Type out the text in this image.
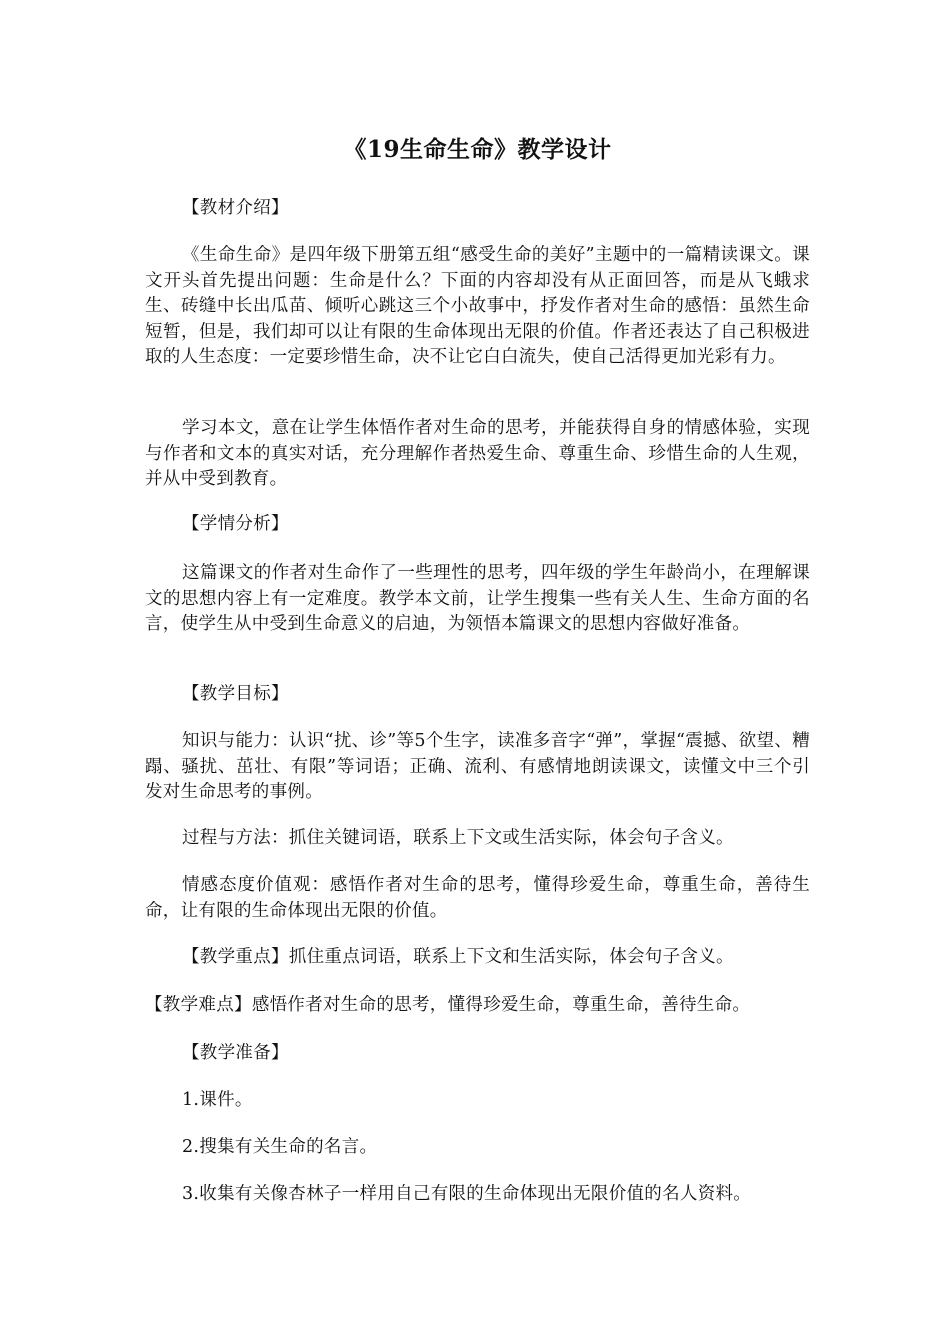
《19生命生命》教学设计

【教材介绍】

《生命生命》是四年级下册第五组“感受生命的美好”主题中的一篇精读课文。课文开头首先提出问题：生命是什么？下面的内容却没有从正面回答，而是从飞蛾求生、砖缝中长出瓜苗、倾听心跳这三个小故事中，抒发作者对生命的感悟：虽然生命短暂，但是，我们却可以让有限的生命体现出无限的价值。作者还表达了自己积极进取的人生态度：一定要珍惜生命，决不让它白白流失，使自己活得更加光彩有力。

学习本文，意在让学生体悟作者对生命的思考，并能获得自身的情感体验，实现与作者和文本的真实对话，充分理解作者热爱生命、尊重生命、珍惜生命的人生观，并从中受到教育。

【学情分析】

这篇课文的作者对生命作了一些理性的思考，四年级的学生年龄尚小，在理解课文的思想内容上有一定难度。教学本文前，让学生搜集一些有关人生、生命方面的名言，使学生从中受到生命意义的启迪，为领悟本篇课文的思想内容做好准备。

【教学目标】

知识与能力：认识“扰、诊”等5个生字，读准多音字“弹”，掌握“震撼、欲望、糟蹋、骚扰、茁壮、有限”等词语；正确、流利、有感情地朗读课文，读懂文中三个引发对生命思考的事例。

过程与方法：抓住关键词语，联系上下文或生活实际，体会句子含义。

情感态度价值观：感悟作者对生命的思考，懂得珍爱生命，尊重生命，善待生命，让有限的生命体现出无限的价值。

【教学重点】抓住重点词语，联系上下文和生活实际，体会句子含义。

【教学难点】感悟作者对生命的思考，懂得珍爱生命，尊重生命，善待生命。

【教学准备】

1.课件。

2.搜集有关生命的名言。

3.收集有关像杏林子一样用自己有限的生命体现出无限价值的名人资料。
